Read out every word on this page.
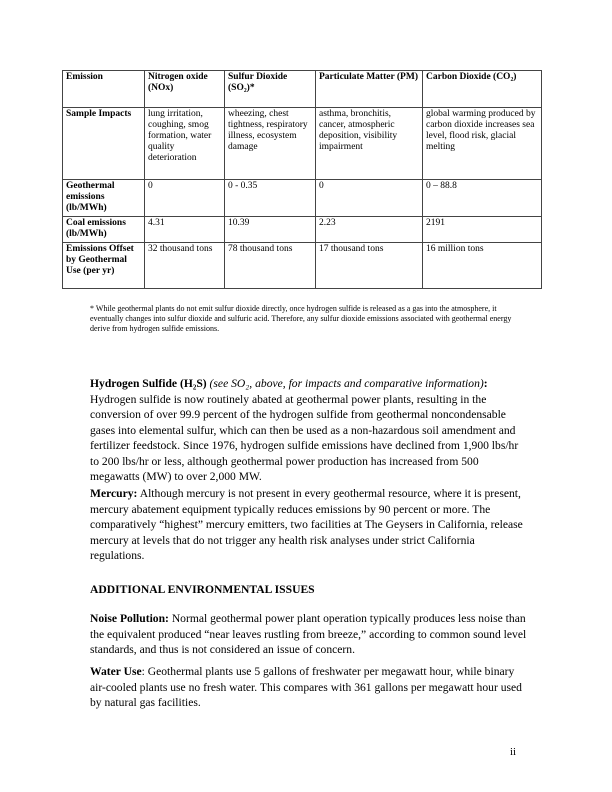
Emission	Nitrogen oxide (NOx)	Sulfur Dioxide (SO₂)*	Particulate Matter (PM)	Carbon Dioxide (CO₂)
Sample Impacts	lung irritation, coughing, smog formation, water quality deterioration	wheezing, chest tightness, respiratory illness, ecosystem damage	asthma, bronchitis, cancer, atmospheric deposition, visibility impairment	global warming produced by carbon dioxide increases sea level, flood risk, glacial melting
Geothermal emissions (lb/MWh)	0	0 - 0.35	0	0 – 88.8
Coal emissions (lb/MWh)	4.31	10.39	2.23	2191
Emissions Offset by Geothermal Use (per yr)	32 thousand tons	78 thousand tons	17 thousand tons	16 million tons
* While geothermal plants do not emit sulfur dioxide directly, once hydrogen sulfide is released as a gas into the atmosphere, it eventually changes into sulfur dioxide and sulfuric acid. Therefore, any sulfur dioxide emissions associated with geothermal energy derive from hydrogen sulfide emissions.

Hydrogen Sulfide (H₂S) (see SO₂, above, for impacts and comparative information): Hydrogen sulfide is now routinely abated at geothermal power plants, resulting in the conversion of over 99.9 percent of the hydrogen sulfide from geothermal noncondensable gases into elemental sulfur, which can then be used as a non-hazardous soil amendment and fertilizer feedstock. Since 1976, hydrogen sulfide emissions have declined from 1,900 lbs/hr to 200 lbs/hr or less, although geothermal power production has increased from 500 megawatts (MW) to over 2,000 MW.

Mercury: Although mercury is not present in every geothermal resource, where it is present, mercury abatement equipment typically reduces emissions by 90 percent or more. The comparatively “highest” mercury emitters, two facilities at The Geysers in California, release mercury at levels that do not trigger any health risk analyses under strict California regulations.

ADDITIONAL ENVIRONMENTAL ISSUES

Noise Pollution: Normal geothermal power plant operation typically produces less noise than the equivalent produced “near leaves rustling from breeze,” according to common sound level standards, and thus is not considered an issue of concern.

Water Use: Geothermal plants use 5 gallons of freshwater per megawatt hour, while binary air-cooled plants use no fresh water. This compares with 361 gallons per megawatt hour used by natural gas facilities.

ii
